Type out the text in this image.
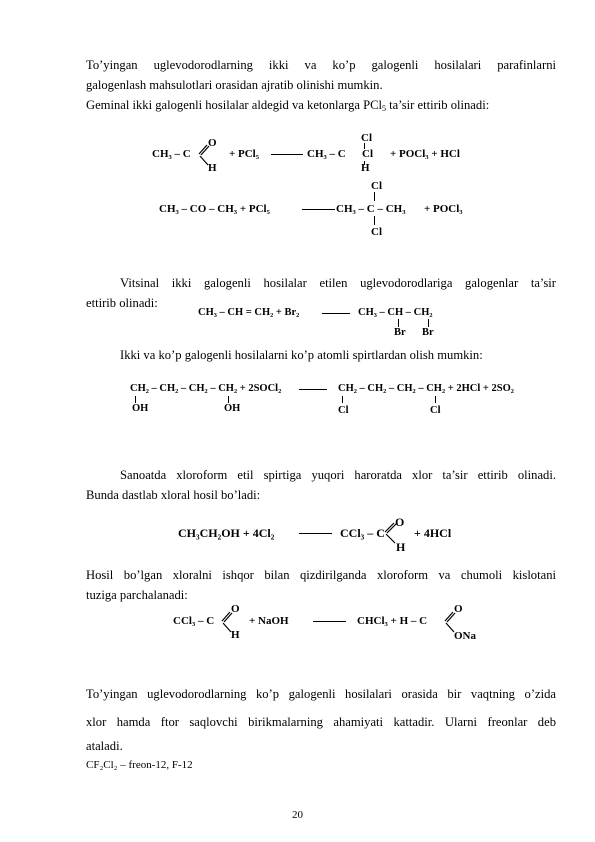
To’yingan uglevodorodlarning ikki va ko’p galogenli hosilalari parafinlarni
galogenlash mahsulotlari orasidan ajratib olinishi mumkin.
Geminal ikki galogenli hosilalar aldegid va ketonlarga PCl$_5$ ta’sir ettirib olinadi:
CH₃ – C
O
H
+ PCl₅	CH₃ – C
Cl
Cl
H
+ POCl₃ + HCl
Cl
CH₃ – CO – CH₃ + PCl₅	CH₃ – C – CH₃ + POCl₃
Cl
Vitsinal ikki galogenli hosilalar etilen uglevodorodlariga galogenlar ta’sir
ettirib olinadi:
CH₃ – CH = CH₂ + Br₂	CH₃ – CH – CH₂
Br Br
Ikki va ko’p galogenli hosilalarni ko’p atomli spirtlardan olish mumkin:
CH₂ – CH₂ – CH₂ – CH₂ + 2SOCl₂
OH	OH
CH₂ – CH₂ – CH₂ – CH₂ + 2HCl + 2SO₂
Cl	Cl
Sanoatda xloroform etil spirtiga yuqori haroratda xlor ta’sir ettirib olinadi.
Bunda dastlab xloral hosil bo’ladi:
CH₃CH₂OH + 4Cl₂	CCl₃ – C
O
H
+ 4HCl
Hosil bo’lgan xloralni ishqor bilan qizdirilganda xloroform va chumoli kislotani
tuziga parchalanadi:
CCl₃ – C
O
H
+ NaOH	CHCl₃ + H – C
O
ONa
To’yingan uglevodorodlarning ko’p galogenli hosilalari orasida bir vaqtning o’zida
xlor hamda ftor saqlovchi birikmalarning ahamiyati kattadir. Ularni freonlar deb
ataladi.
CF₂Cl₂ – freon-12, F-12
20
